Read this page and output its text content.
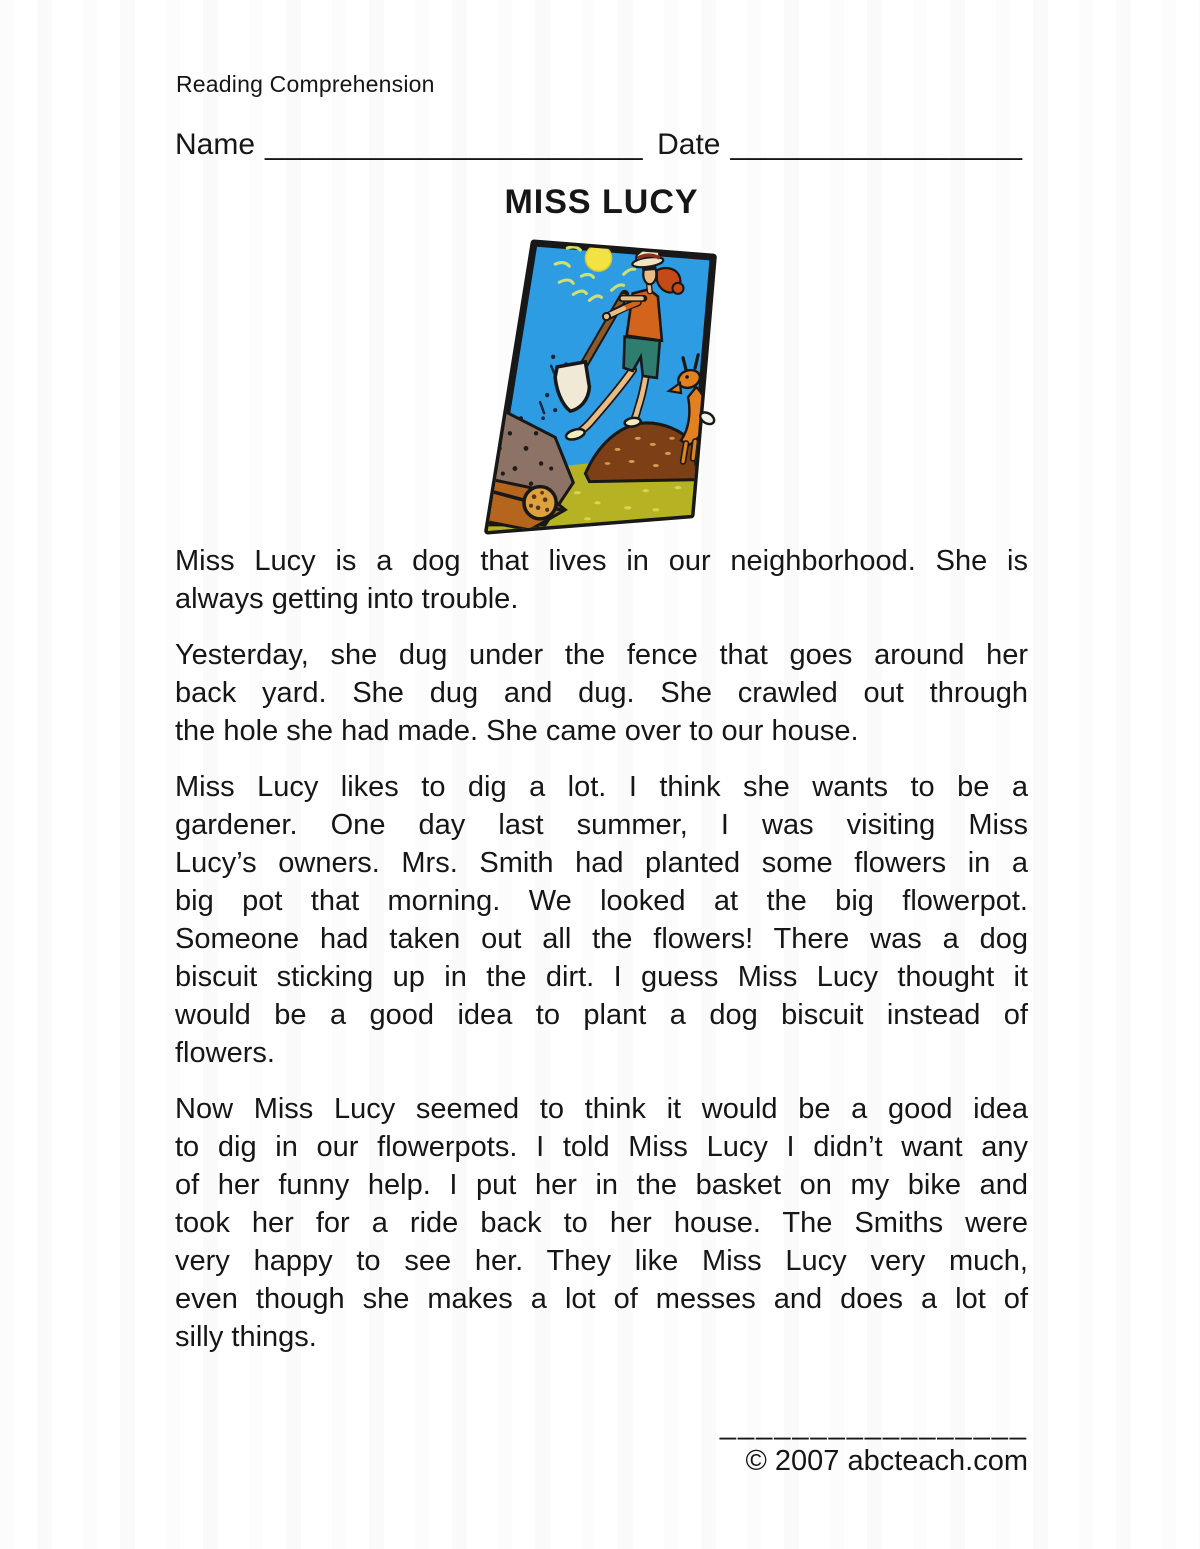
Reading Comprehension
Name ______________________ Date _________________
MISS LUCY
Miss Lucy is a dog that lives in our neighborhood. She is
always getting into trouble.
Yesterday, she dug under the fence that goes around her
back yard. She dug and dug. She crawled out through
the hole she had made. She came over to our house.
Miss Lucy likes to dig a lot. I think she wants to be a
gardener. One day last summer, I was visiting Miss
Lucy’s owners. Mrs. Smith had planted some flowers in a
big pot that morning. We looked at the big flowerpot.
Someone had taken out all the flowers! There was a dog
biscuit sticking up in the dirt. I guess Miss Lucy thought it
would be a good idea to plant a dog biscuit instead of
flowers.
Now Miss Lucy seemed to think it would be a good idea
to dig in our flowerpots. I told Miss Lucy I didn’t want any
of her funny help. I put her in the basket on my bike and
took her for a ride back to her house. The Smiths were
very happy to see her. They like Miss Lucy very much,
even though she makes a lot of messes and does a lot of
silly things.
_________________
© 2007 abcteach.com
